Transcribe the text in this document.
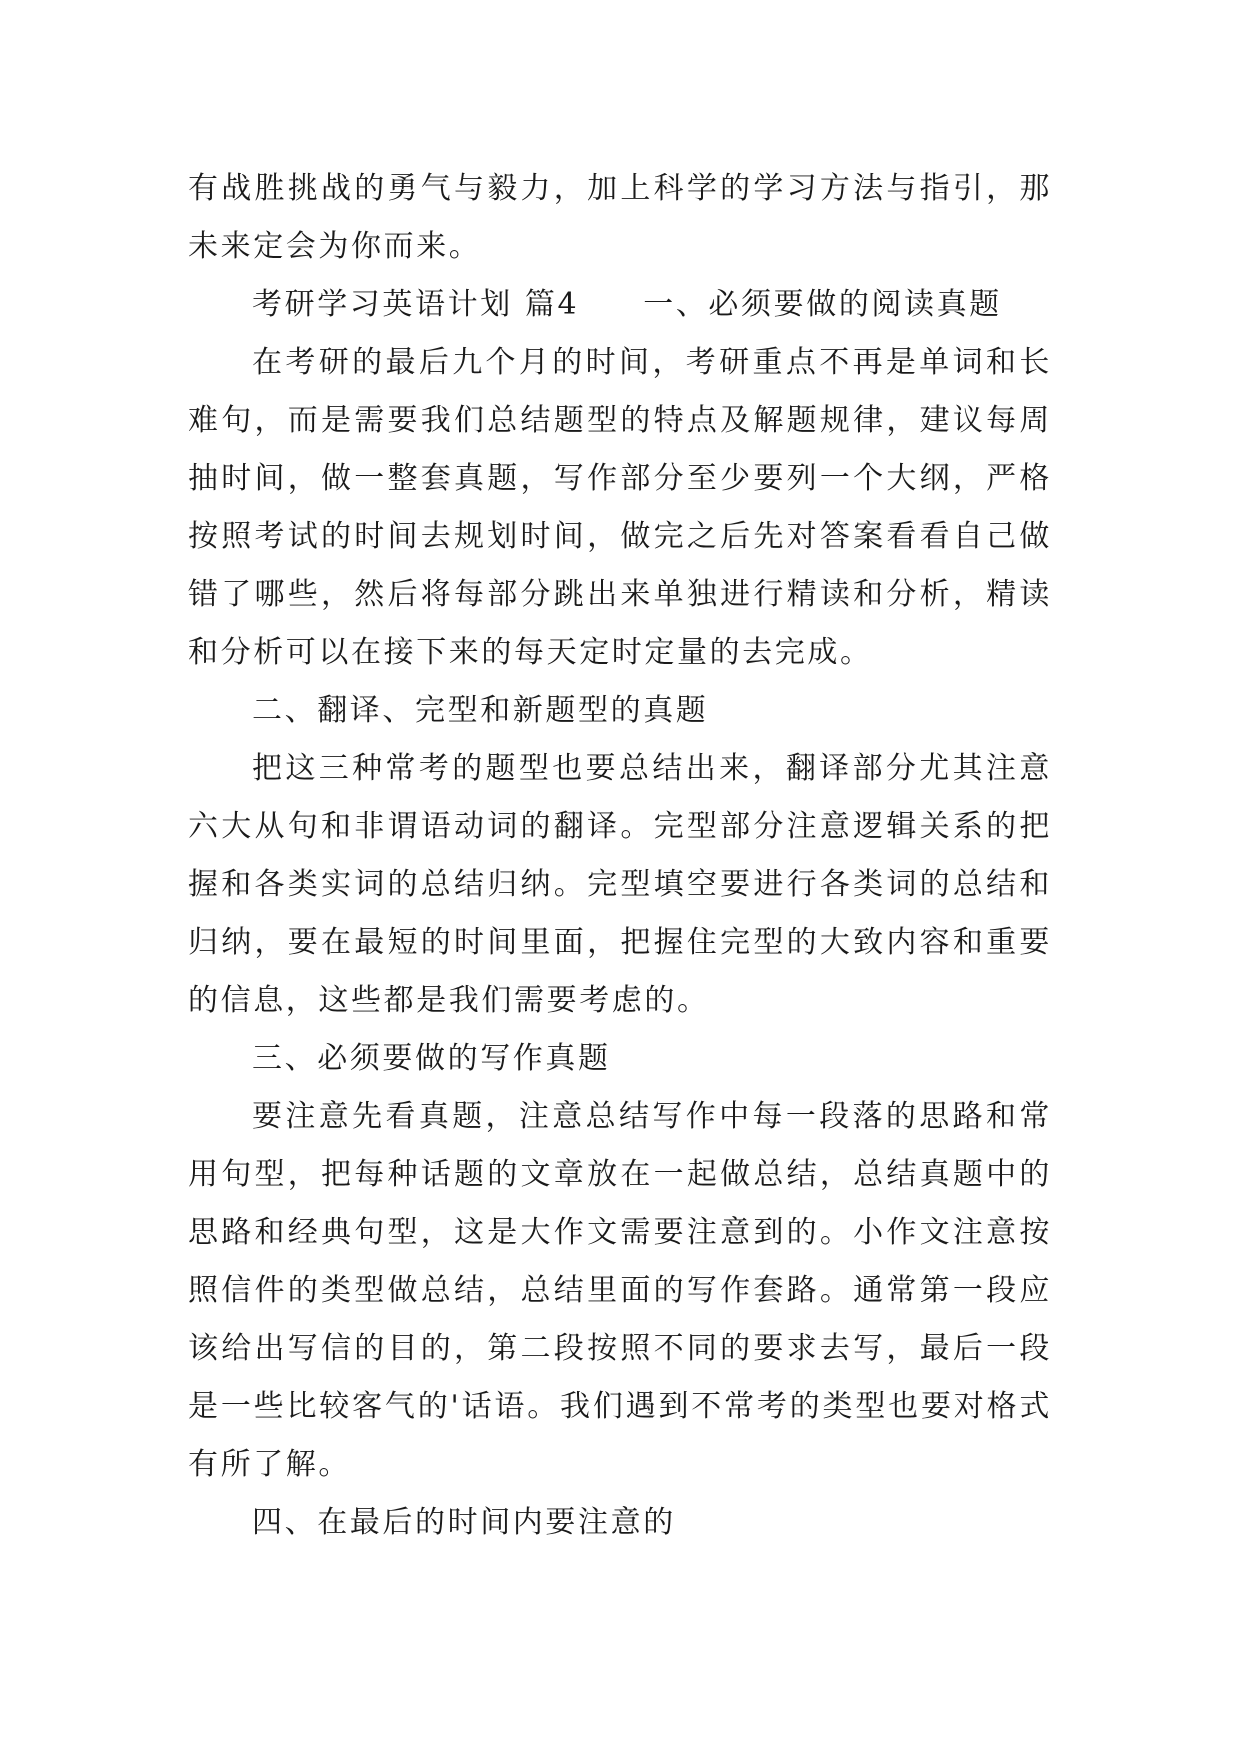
有战胜挑战的勇气与毅力，加上科学的学习方法与指引，那未来定会为你而来。

考研学习英语计划 篇4 一、必须要做的阅读真题

在考研的最后九个月的时间，考研重点不再是单词和长难句，而是需要我们总结题型的特点及解题规律，建议每周抽时间，做一整套真题，写作部分至少要列一个大纲，严格按照考试的时间去规划时间，做完之后先对答案看看自己做错了哪些，然后将每部分跳出来单独进行精读和分析，精读和分析可以在接下来的每天定时定量的去完成。

二、翻译、完型和新题型的真题

把这三种常考的题型也要总结出来，翻译部分尤其注意六大从句和非谓语动词的翻译。完型部分注意逻辑关系的把握和各类实词的总结归纳。完型填空要进行各类词的总结和归纳，要在最短的时间里面，把握住完型的大致内容和重要的信息，这些都是我们需要考虑的。

三、必须要做的写作真题

要注意先看真题，注意总结写作中每一段落的思路和常用句型，把每种话题的文章放在一起做总结，总结真题中的思路和经典句型，这是大作文需要注意到的。小作文注意按照信件的类型做总结，总结里面的写作套路。通常第一段应该给出写信的目的，第二段按照不同的要求去写，最后一段是一些比较客气的'话语。我们遇到不常考的类型也要对格式有所了解。

四、在最后的时间内要注意的
